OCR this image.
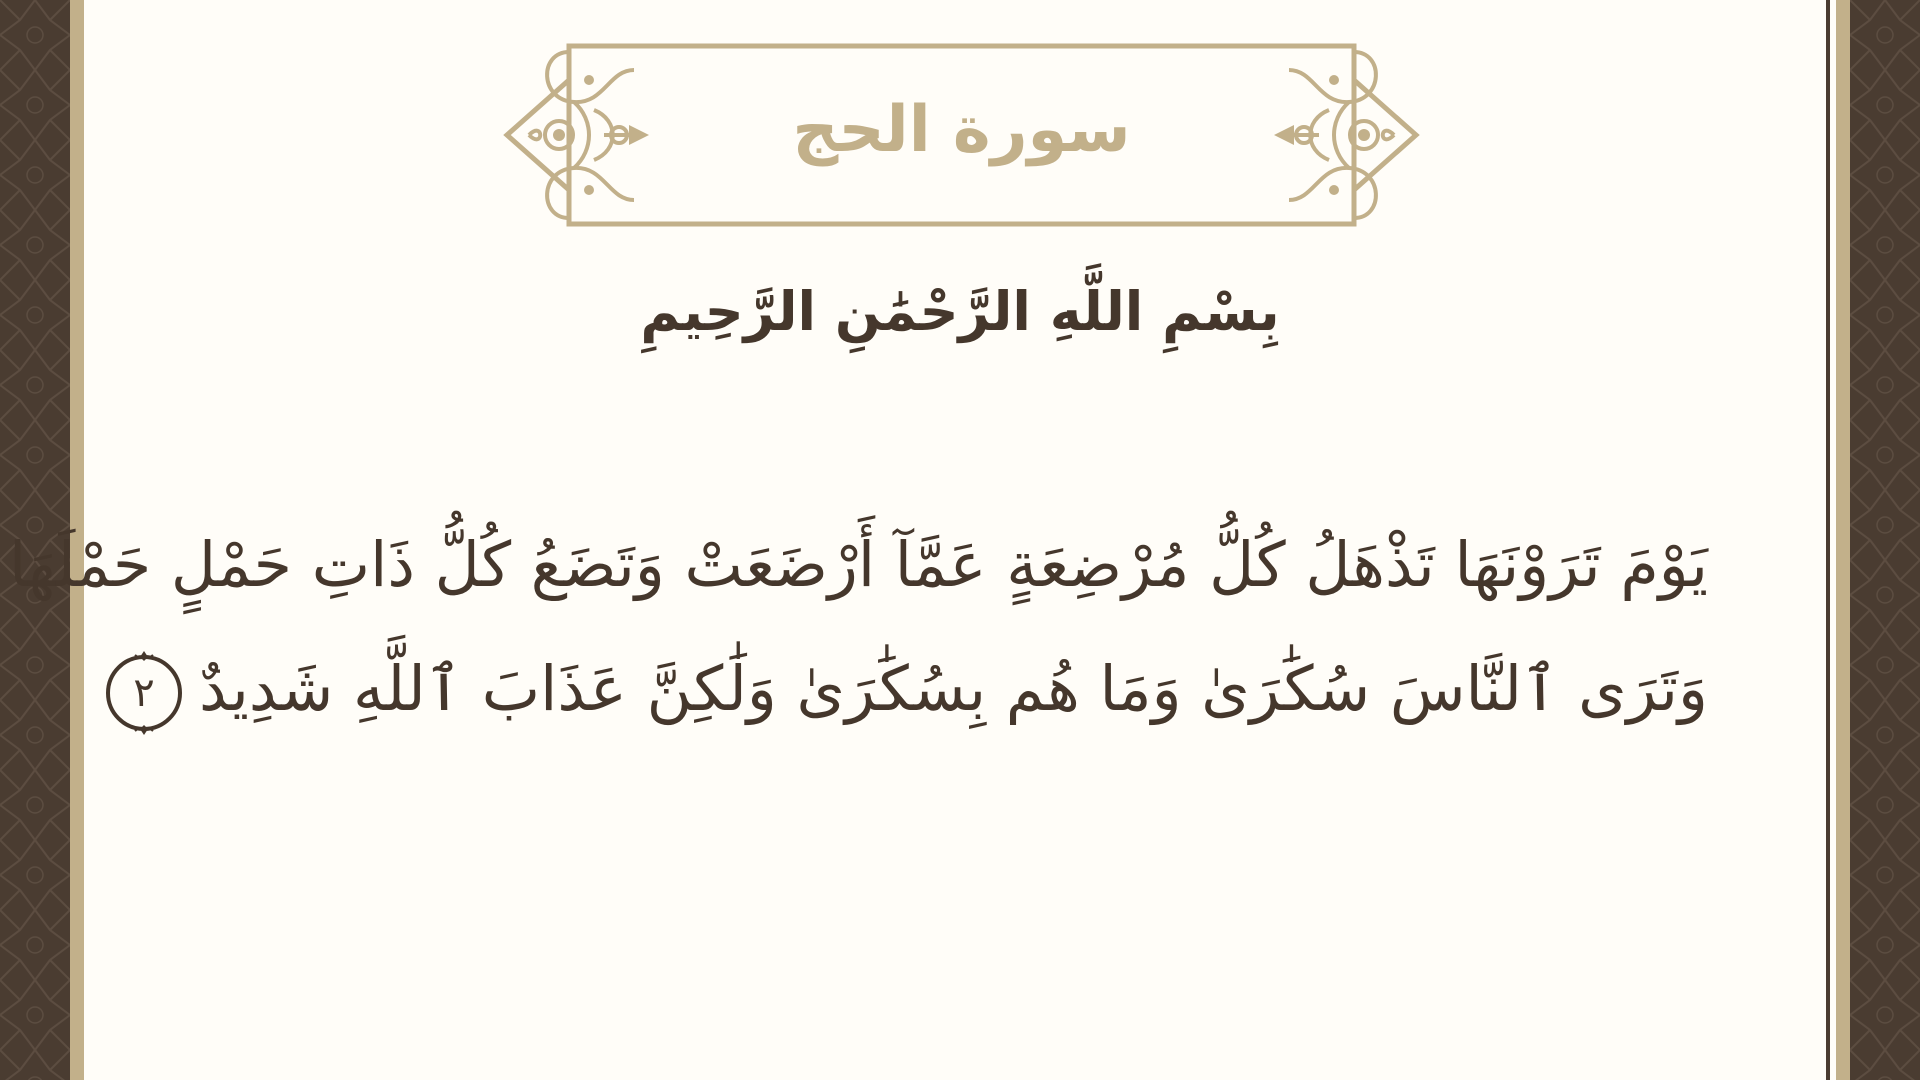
سورة الحج
بِسْمِ اللَّهِ الرَّحْمَٰنِ الرَّحِيمِ
يَوْمَ تَرَوْنَهَا تَذْهَلُ كُلُّ مُرْضِعَةٍ عَمَّآ أَرْضَعَتْ وَتَضَعُ كُلُّ ذَاتِ حَمْلٍ حَمْلَهَا
وَتَرَى ٱلنَّاسَ سُكَٰرَىٰ وَمَا هُم بِسُكَٰرَىٰ وَلَٰكِنَّ عَذَابَ ٱللَّهِ شَدِيدٌ
٢
